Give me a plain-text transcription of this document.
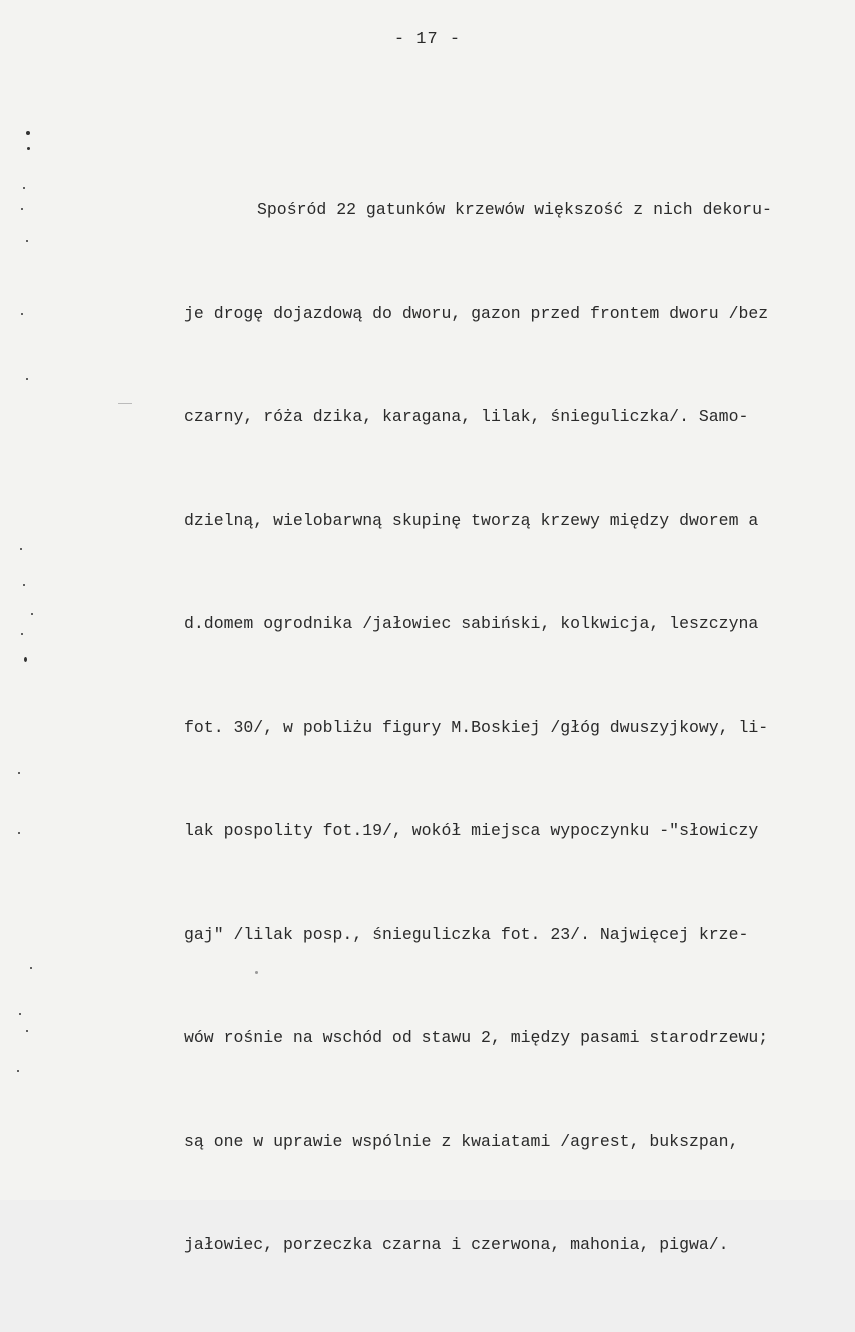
- 17 -

Spośród 22 gatunków krzewów większość z nich dekoru-

je drogę dojazdową do dworu, gazon przed frontem dworu /bez

czarny, róża dzika, karagana, lilak, śnieguliczka/. Samo-

dzielną, wielobarwną skupinę tworzą krzewy między dworem a

d.domem ogrodnika /jałowiec sabiński, kolkwicja, leszczyna

fot. 30/, w pobliżu figury M.Boskiej /głóg dwuszyjkowy, li-

lak pospolity fot.19/, wokół miejsca wypoczynku -"słowiczy

gaj" /lilak posp., śnieguliczka fot. 23/. Najwięcej krze-

wów rośnie na wschód od stawu 2, między pasami starodrzewu;

są one w uprawie wspólnie z kwaiatami /agrest, bukszpan,

jałowiec, porzeczka czarna i czerwona, mahonia, pigwa/.
